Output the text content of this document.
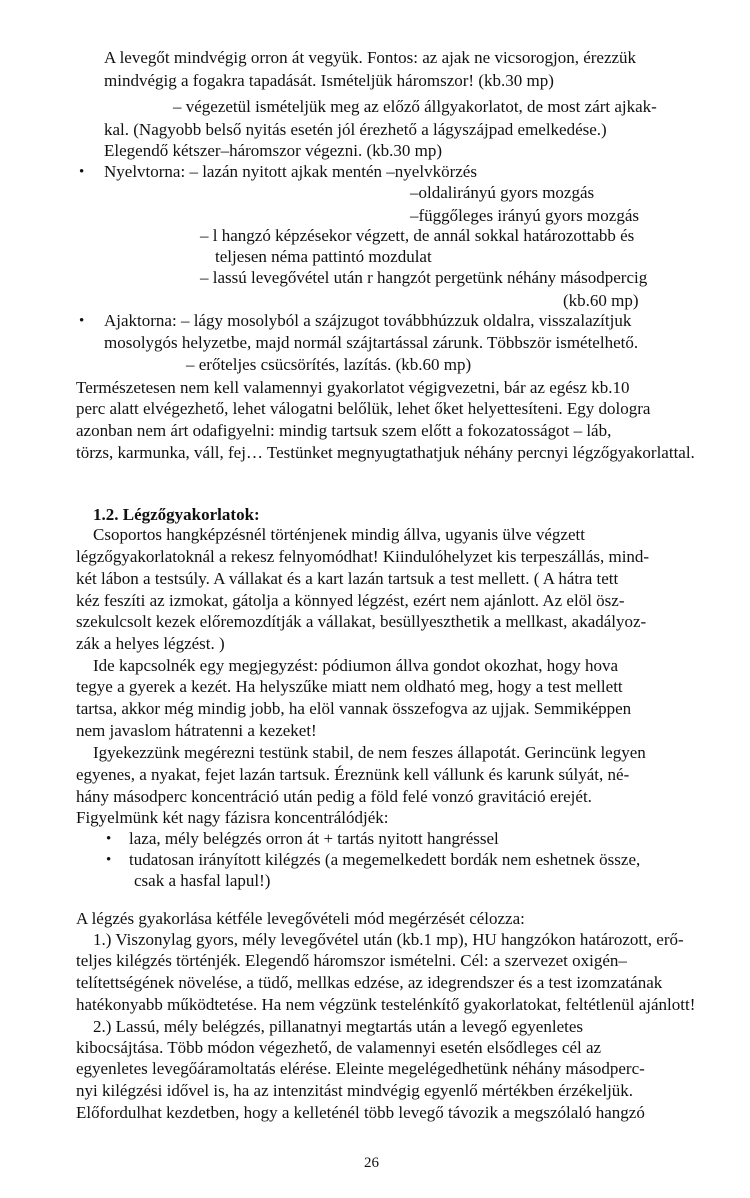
A levegőt mindvégig orron át vegyük. Fontos: az ajak ne vicsorogjon, érezzük
mindvégig a fogakra tapadását. Ismételjük háromszor! (kb.30 mp)
– végezetül ismételjük meg az előző állgyakorlatot, de most zárt ajkak-
kal. (Nagyobb belső nyitás esetén jól érezhető a lágyszájpad emelkedése.)
Elegendő kétszer–háromszor végezni. (kb.30 mp)
Nyelvtorna: – lazán nyitott ajkak mentén –nyelvkörzés
–oldalirányú gyors mozgás
–függőleges irányú gyors mozgás
– l hangzó képzésekor végzett, de annál sokkal határozottabb és
teljesen néma pattintó mozdulat
– lassú levegővétel után r hangzót pergetünk néhány másodpercig
(kb.60 mp)
Ajaktorna: – lágy mosolyból a szájzugot továbbhúzzuk oldalra, visszalazítjuk
mosolygós helyzetbe, majd normál szájtartással zárunk. Többször ismételhető.
– erőteljes csücsörítés, lazítás. (kb.60 mp)
Természetesen nem kell valamennyi gyakorlatot végigvezetni, bár az egész kb.10
perc alatt elvégezhető, lehet válogatni belőlük, lehet őket helyettesíteni. Egy dologra
azonban nem árt odafigyelni: mindig tartsuk szem előtt a fokozatosságot – láb,
törzs, karmunka, váll, fej… Testünket megnyugtathatjuk néhány percnyi légzőgyakorlattal.
•
•
1.2. Légzőgyakorlatok:
Csoportos hangképzésnél történjenek mindig állva, ugyanis ülve végzett
légzőgyakorlatoknál a rekesz felnyomódhat! Kiindulóhelyzet kis terpeszállás, mind-
két lábon a testsúly. A vállakat és a kart lazán tartsuk a test mellett. ( A hátra tett
kéz feszíti az izmokat, gátolja a könnyed légzést, ezért nem ajánlott. Az elöl ösz-
szekulcsolt kezek előremozdítják a vállakat, besüllyeszthetik a mellkast, akadályoz-
zák a helyes légzést. )
Ide kapcsolnék egy megjegyzést: pódiumon állva gondot okozhat, hogy hova
tegye a gyerek a kezét. Ha helyszűke miatt nem oldható meg, hogy a test mellett
tartsa, akkor még mindig jobb, ha elöl vannak összefogva az ujjak. Semmiképpen
nem javaslom hátratenni a kezeket!
Igyekezzünk megérezni testünk stabil, de nem feszes állapotát. Gerincünk legyen
egyenes, a nyakat, fejet lazán tartsuk. Éreznünk kell vállunk és karunk súlyát, né-
hány másodperc koncentráció után pedig a föld felé vonzó gravitáció erejét.
Figyelmünk két nagy fázisra koncentrálódjék:
laza, mély belégzés orron át + tartás nyitott hangréssel
tudatosan irányított kilégzés (a megemelkedett bordák nem eshetnek össze,
csak a hasfal lapul!)
•
•
A légzés gyakorlása kétféle levegővételi mód megérzését célozza:
1.) Viszonylag gyors, mély levegővétel után (kb.1 mp), HU hangzókon határozott, erő-
teljes kilégzés történjék. Elegendő háromszor ismételni. Cél: a szervezet oxigén–
telítettségének növelése, a tüdő, mellkas edzése, az idegrendszer és a test izomzatának
hatékonyabb működtetése. Ha nem végzünk testelénkítő gyakorlatokat, feltétlenül ajánlott!
2.) Lassú, mély belégzés, pillanatnyi megtartás után a levegő egyenletes
kibocsájtása. Több módon végezhető, de valamennyi esetén elsődleges cél az
egyenletes levegőáramoltatás elérése. Eleinte megelégedhetünk néhány másodperc-
nyi kilégzési idővel is, ha az intenzitást mindvégig egyenlő mértékben érzékeljük.
Előfordulhat kezdetben, hogy a kelleténél több levegő távozik a megszólaló hangzó
26
